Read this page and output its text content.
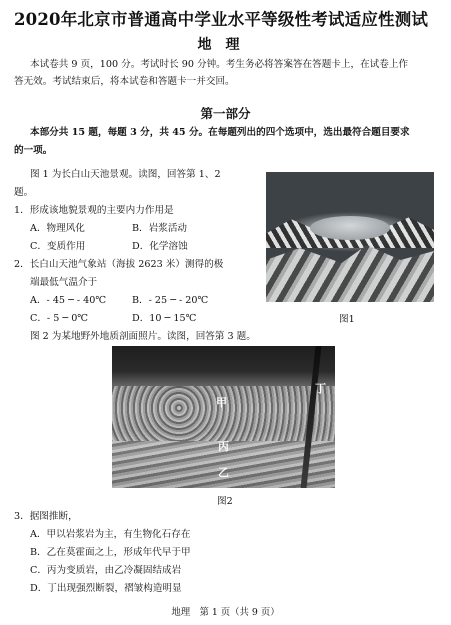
2020年北京市普通高中学业水平等级性考试适应性测试
地理
本试卷共 9 页，100 分。考试时长 90 分钟。考生务必将答案答在答题卡上，在试卷上作
答无效。考试结束后，将本试卷和答题卡一并交回。
第一部分
本部分共 15 题，每题 3 分，共 45 分。在每题列出的四个选项中，选出最符合题目要求
的一项。
图 1 为长白山天池景观。读图，回答第 1、2
题。
1．形成该地貌景观的主要内力作用是
A．物理风化	B．岩浆活动
C．变质作用	D．化学溶蚀
2．长白山天池气象站（海拔 2623 米）测得的极
端最低气温介于
A．- 45 ─ - 40℃	B．- 25 ─ - 20℃
C．- 5 ─ 0℃	D．10 ─ 15℃	图1
图 2 为某地野外地质剖面照片。读图，回答第 3 题。
丁
甲
丙
乙
图2
3．据图推断，
A．甲以岩浆岩为主，有生物化石存在
B．乙在莫霍面之上，形成年代早于甲
C．丙为变质岩，由乙冷凝固结成岩
D．丁出现强烈断裂，褶皱构造明显
地理　第 1 页（共 9 页）
